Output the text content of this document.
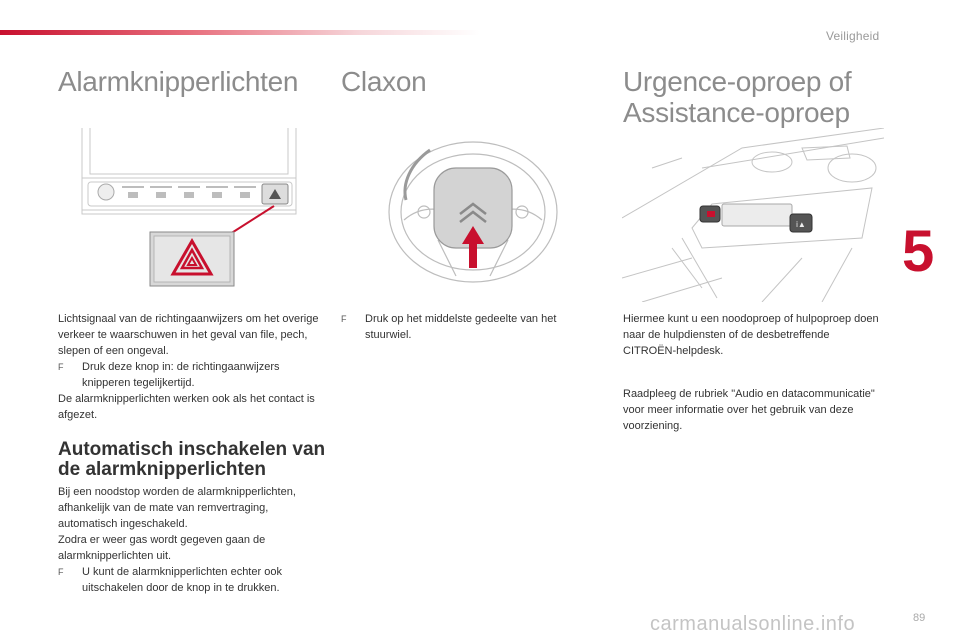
Veiligheid
Alarmknipperlichten

Lichtsignaal van de richtingaanwijzers om het overige verkeer te waarschuwen in het geval van file, pech, slepen of een ongeval.

F	Druk deze knop in: de richtingaanwijzers knipperen tegelijkertijd.

De alarmknipperlichten werken ook als het contact is afgezet.

Automatisch inschakelen van de alarmknipperlichten

Bij een noodstop worden de alarmknipperlichten, afhankelijk van de mate van remvertraging, automatisch ingeschakeld.

Zodra er weer gas wordt gegeven gaan de alarmknipperlichten uit.

F	U kunt de alarmknipperlichten echter ook uitschakelen door de knop in te drukken.
Claxon
F	Druk op het middelste gedeelte van het stuurwiel.
Urgence-oproep of Assistance-oproep
i▲
Hiermee kunt u een noodoproep of hulpoproep doen naar de hulpdiensten of de desbetreffende CITROËN-helpdesk.
Raadpleeg de rubriek "Audio en datacommunicatie" voor meer informatie over het gebruik van deze voorziening.
5
89
carmanualsonline.info
